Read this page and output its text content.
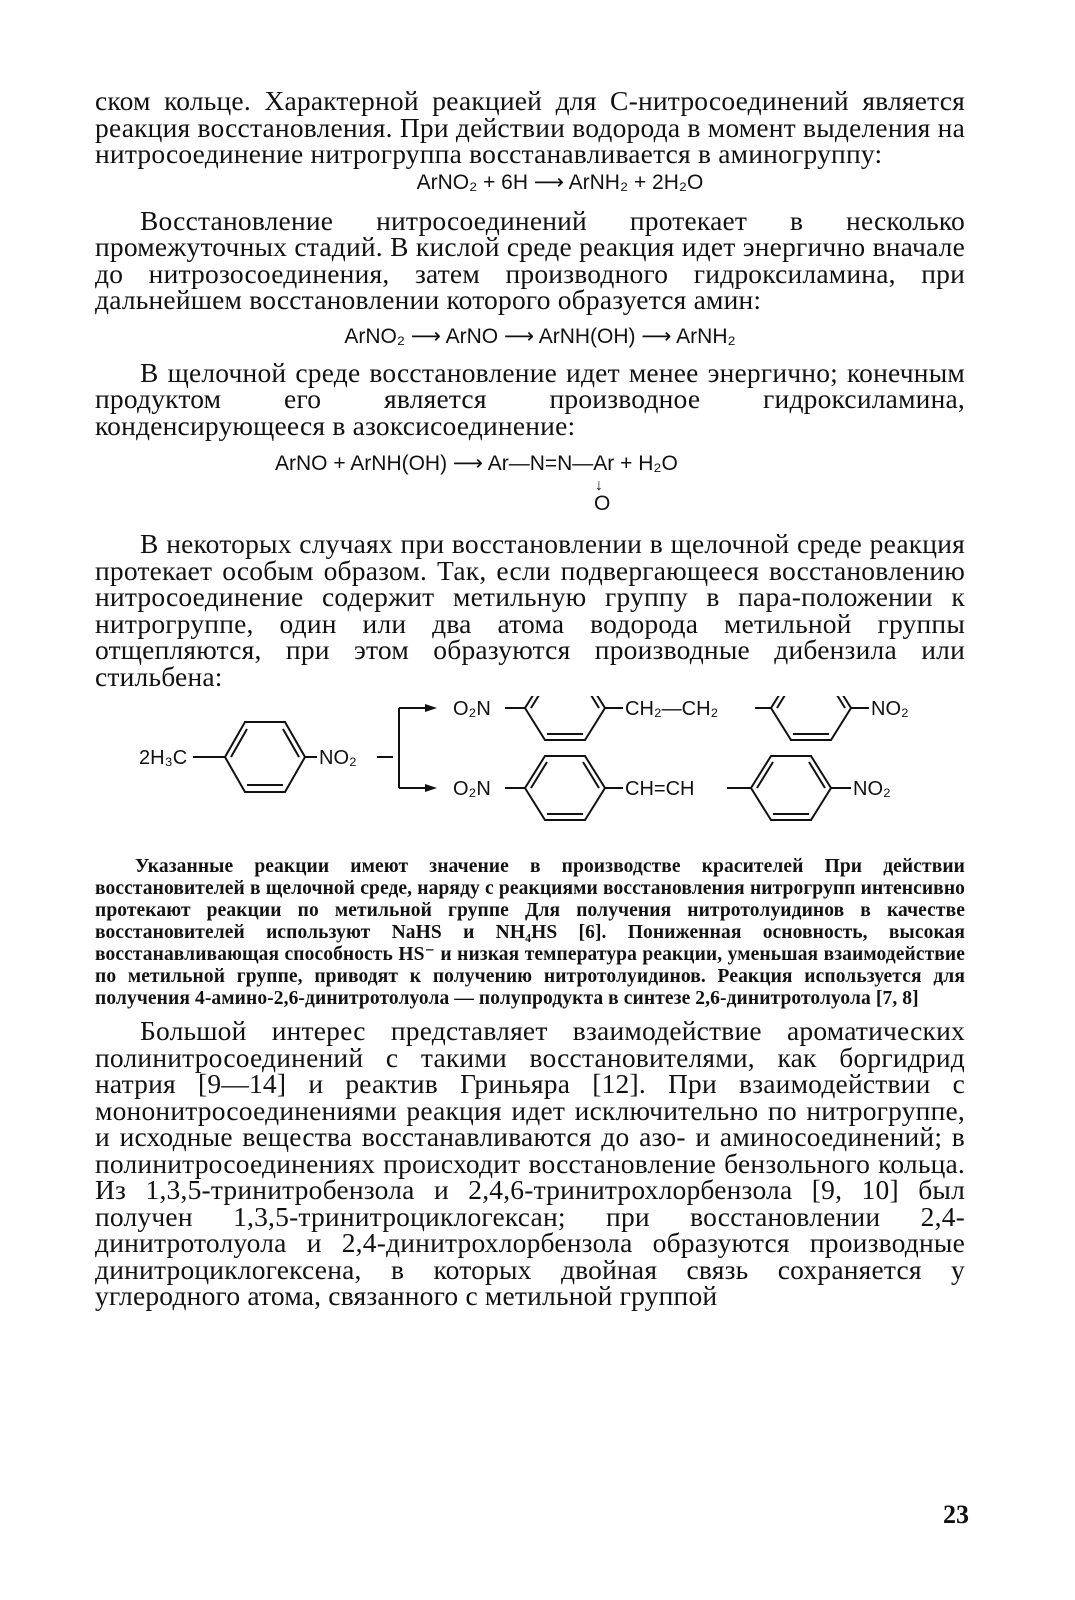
ском кольце. Характерной реакцией для С-нитросоединений является реакция восстановления. При действии водорода в момент выделения на нитросоединение нитрогруппа восстанавливается в аминогруппу:

ArNO₂ + 6H ⟶ ArNH₂ + 2H₂O

Восстановление нитросоединений протекает в несколько промежуточных стадий. В кислой среде реакция идет энергично вначале до нитрозосоединения, затем производного гидроксиламина, при дальнейшем восстановлении которого образуется амин:

ArNO₂ ⟶ ArNO ⟶ ArNH(OH) ⟶ ArNH₂

В щелочной среде восстановление идет менее энергично; конечным продуктом его является производное гидроксиламина, конденсирующееся в азоксисоединение:

ArNO + ArNH(OH) ⟶ Ar—N=N—Ar + H₂O
↓
O

В некоторых случаях при восстановлении в щелочной среде реакция протекает особым образом. Так, если подвергающееся восстановлению нитросоединение содержит метильную группу в пара-положении к нитрогруппе, один или два атома водорода метильной группы отщепляются, при этом образуются производные дибензила или стильбена:

2H₃C	NO₂
O₂N	CH₂—CH₂	NO₂
O₂N	CH=CH	NO₂

Указанные реакции имеют значение в производстве красителей При действии восстановителей в щелочной среде, наряду с реакциями восстановления нитрогрупп интенсивно протекают реакции по метильной группе Для получения нитротолуидинов в качестве восстановителей используют NaHS и NH₄HS [6]. Пониженная основность, высокая восстанавливающая способность HS⁻ и низкая температура реакции, уменьшая взаимодействие по метильной группе, приводят к получению нитротолуидинов. Реакция используется для получения 4-амино-2,6-динитротолуола — полупродукта в синтезе 2,6-динитротолуола [7, 8]

Большой интерес представляет взаимодействие ароматических полинитросоединений с такими восстановителями, как боргидрид натрия [9—14] и реактив Гриньяра [12]. При взаимодействии с мононитросоединениями реакция идет исключительно по нитрогруппе, и исходные вещества восстанавливаются до азо- и аминосоединений; в полинитросоединениях происходит восстановление бензольного кольца. Из 1,3,5-тринитробензола и 2,4,6-тринитрохлорбензола [9, 10] был получен 1,3,5-тринитроциклогексан; при восстановлении 2,4-динитротолуола и 2,4-динитрохлорбензола образуются производные динитроциклогексена, в которых двойная связь сохраняется у углеродного атома, связанного с метильной группой

23
